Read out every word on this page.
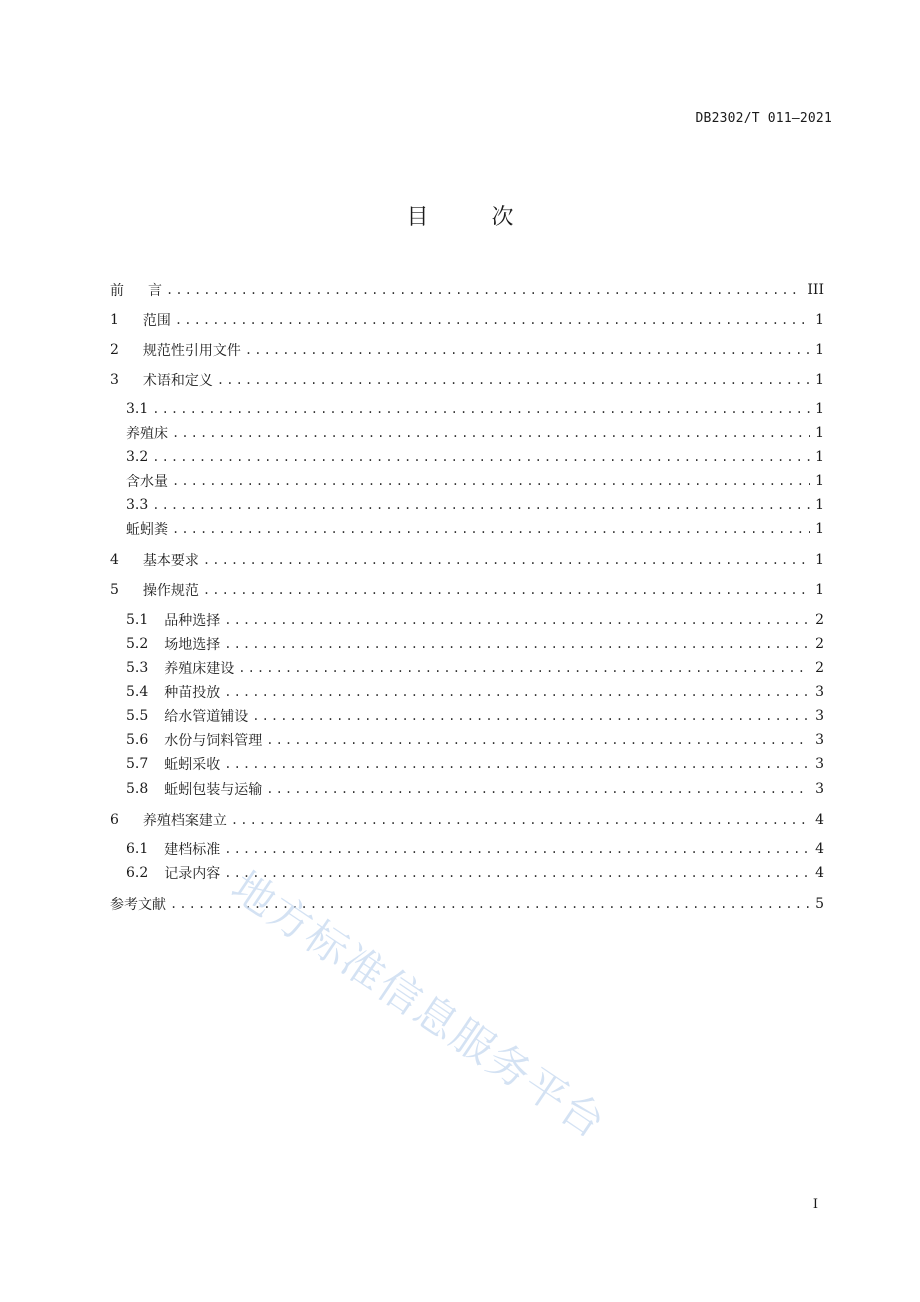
DB2302/T 011—2021
目 次
前 言 .....	III
1 范围 .....	1
2 规范性引用文件 .....	1
3 术语和定义 .....	1
3.1 .....	1
养殖床 .....	1
3.2 .....	1
含水量 .....	1
3.3 .....	1
蚯蚓粪 .....	1
4 基本要求 .....	1
5 操作规范 .....	1
5.1 品种选择 .....	2
5.2 场地选择 .....	2
5.3 养殖床建设 .....	2
5.4 种苗投放 .....	3
5.5 给水管道铺设 .....	3
5.6 水份与饲料管理 .....	3
5.7 蚯蚓采收 .....	3
5.8 蚯蚓包装与运输 .....	3
6 养殖档案建立 .....	4
6.1 建档标准 .....	4
6.2 记录内容 .....	4
参考文献 .....	5
I
地方标准信息服务平台
